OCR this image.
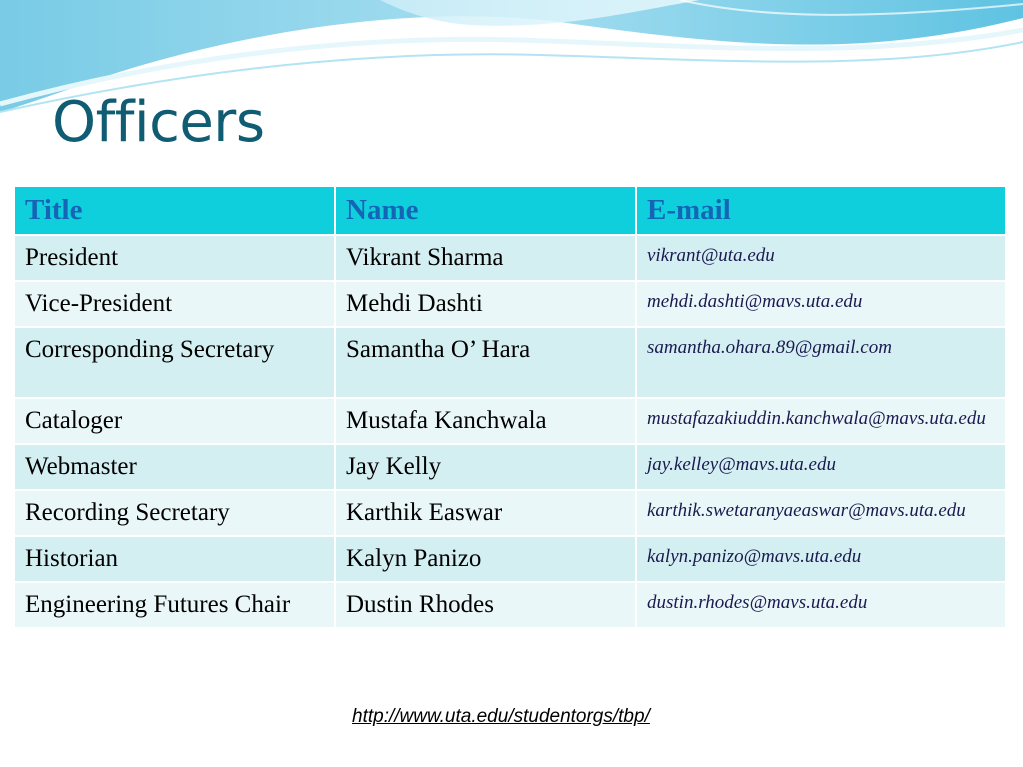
Officers
Title	Name	E-mail
President	Vikrant Sharma	vikrant@uta.edu
Vice-President	Mehdi Dashti	mehdi.dashti@mavs.uta.edu
Corresponding Secretary	Samantha O’ Hara	samantha.ohara.89@gmail.com
Cataloger	Mustafa Kanchwala	mustafazakiuddin.kanchwala@mavs.uta.edu
Webmaster	Jay Kelly	jay.kelley@mavs.uta.edu
Recording Secretary	Karthik Easwar	karthik.swetaranyaeaswar@mavs.uta.edu
Historian	Kalyn Panizo	kalyn.panizo@mavs.uta.edu
Engineering Futures Chair	Dustin Rhodes	dustin.rhodes@mavs.uta.edu
http://www.uta.edu/studentorgs/tbp/
